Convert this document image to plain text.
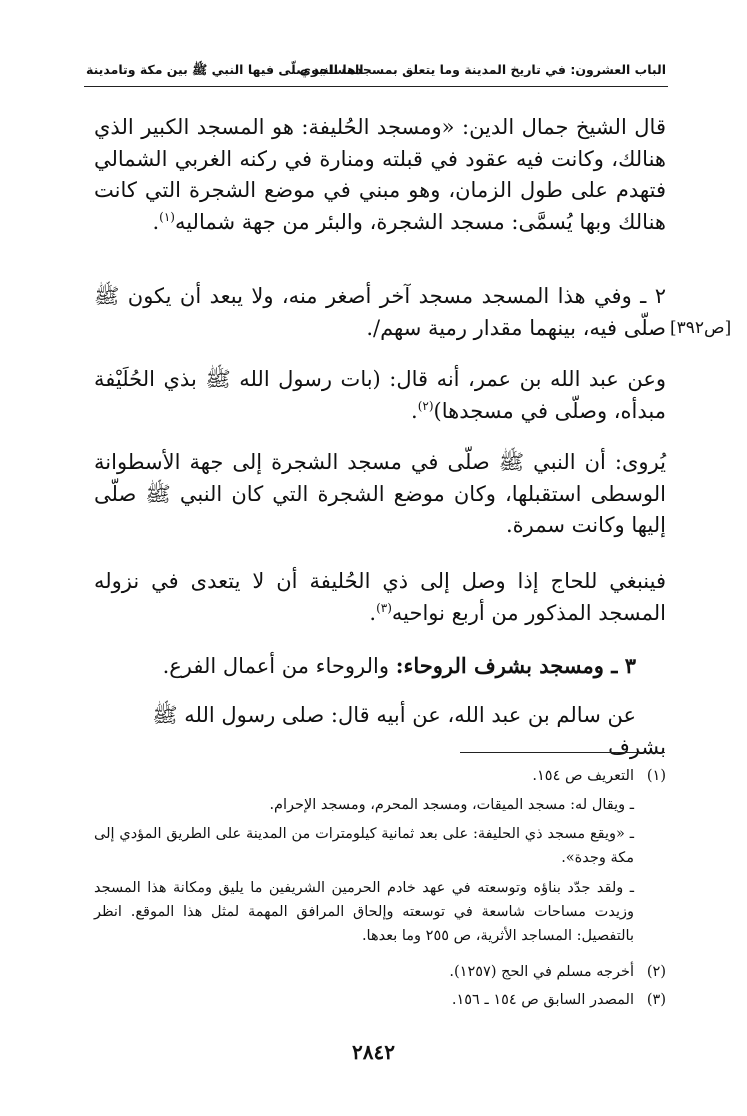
الباب العشرون: في تاريخ المدينة وما يتعلق بمسجدها النبوي
المساجد صلّى فيها النبي ﷺ بين مكة وتامدينة
قال الشيخ جمال الدين: «ومسجد الحُليفة: هو المسجد الكبير الذي هنالك، وكانت فيه عقود في قبلته ومنارة في ركنه الغربي الشمالي فتهدم على طول الزمان، وهو مبني في موضع الشجرة التي كانت هنالك وبها يُسمَّى: مسجد الشجرة، والبئر من جهة شماليه$^{(١)}$.
٢ ـ وفي هذا المسجد مسجد آخر أصغر منه، ولا يبعد أن يكون ﷺ صلّى فيه، بينهما مقدار رمية سهم/. [ص٣٩٢]
وعن عبد الله بن عمر، أنه قال: (بات رسول الله ﷺ بذي الحُلَيْفة مبدأه، وصلّى في مسجدها)$^{(٢)}$.
يُروى: أن النبي ﷺ صلّى في مسجد الشجرة إلى جهة الأسطوانة الوسطى استقبلها، وكان موضع الشجرة التي كان النبي ﷺ صلّى إليها وكانت سمرة.
فينبغي للحاج إذا وصل إلى ذي الحُليفة أن لا يتعدى في نزوله المسجد المذكور من أربع نواحيه$^{(٣)}$.
٣ ـ ومسجد بشرف الروحاء: والروحاء من أعمال الفرع.
عن سالم بن عبد الله، عن أبيه قال: صلى رسول الله ﷺ بشرف
(١)التعريف ص ١٥٤.
ـ ويقال له: مسجد الميقات، ومسجد المحرم، ومسجد الإحرام.
ـ «ويقع مسجد ذي الحليفة: على بعد ثمانية كيلومترات من المدينة على الطريق المؤدي إلى مكة وجدة».
ـ ولقد جدّد بناؤه وتوسعته في عهد خادم الحرمين الشريفين ما يليق ومكانة هذا المسجد وزيدت مساحات شاسعة في توسعته وإلحاق المرافق المهمة لمثل هذا الموقع. انظر بالتفصيل: المساجد الأثرية، ص ٢٥٥ وما بعدها.
(٢)أخرجه مسلم في الحج (١٢٥٧).
(٣)المصدر السابق ص ١٥٤ ـ ١٥٦.
٢٨٤٢
